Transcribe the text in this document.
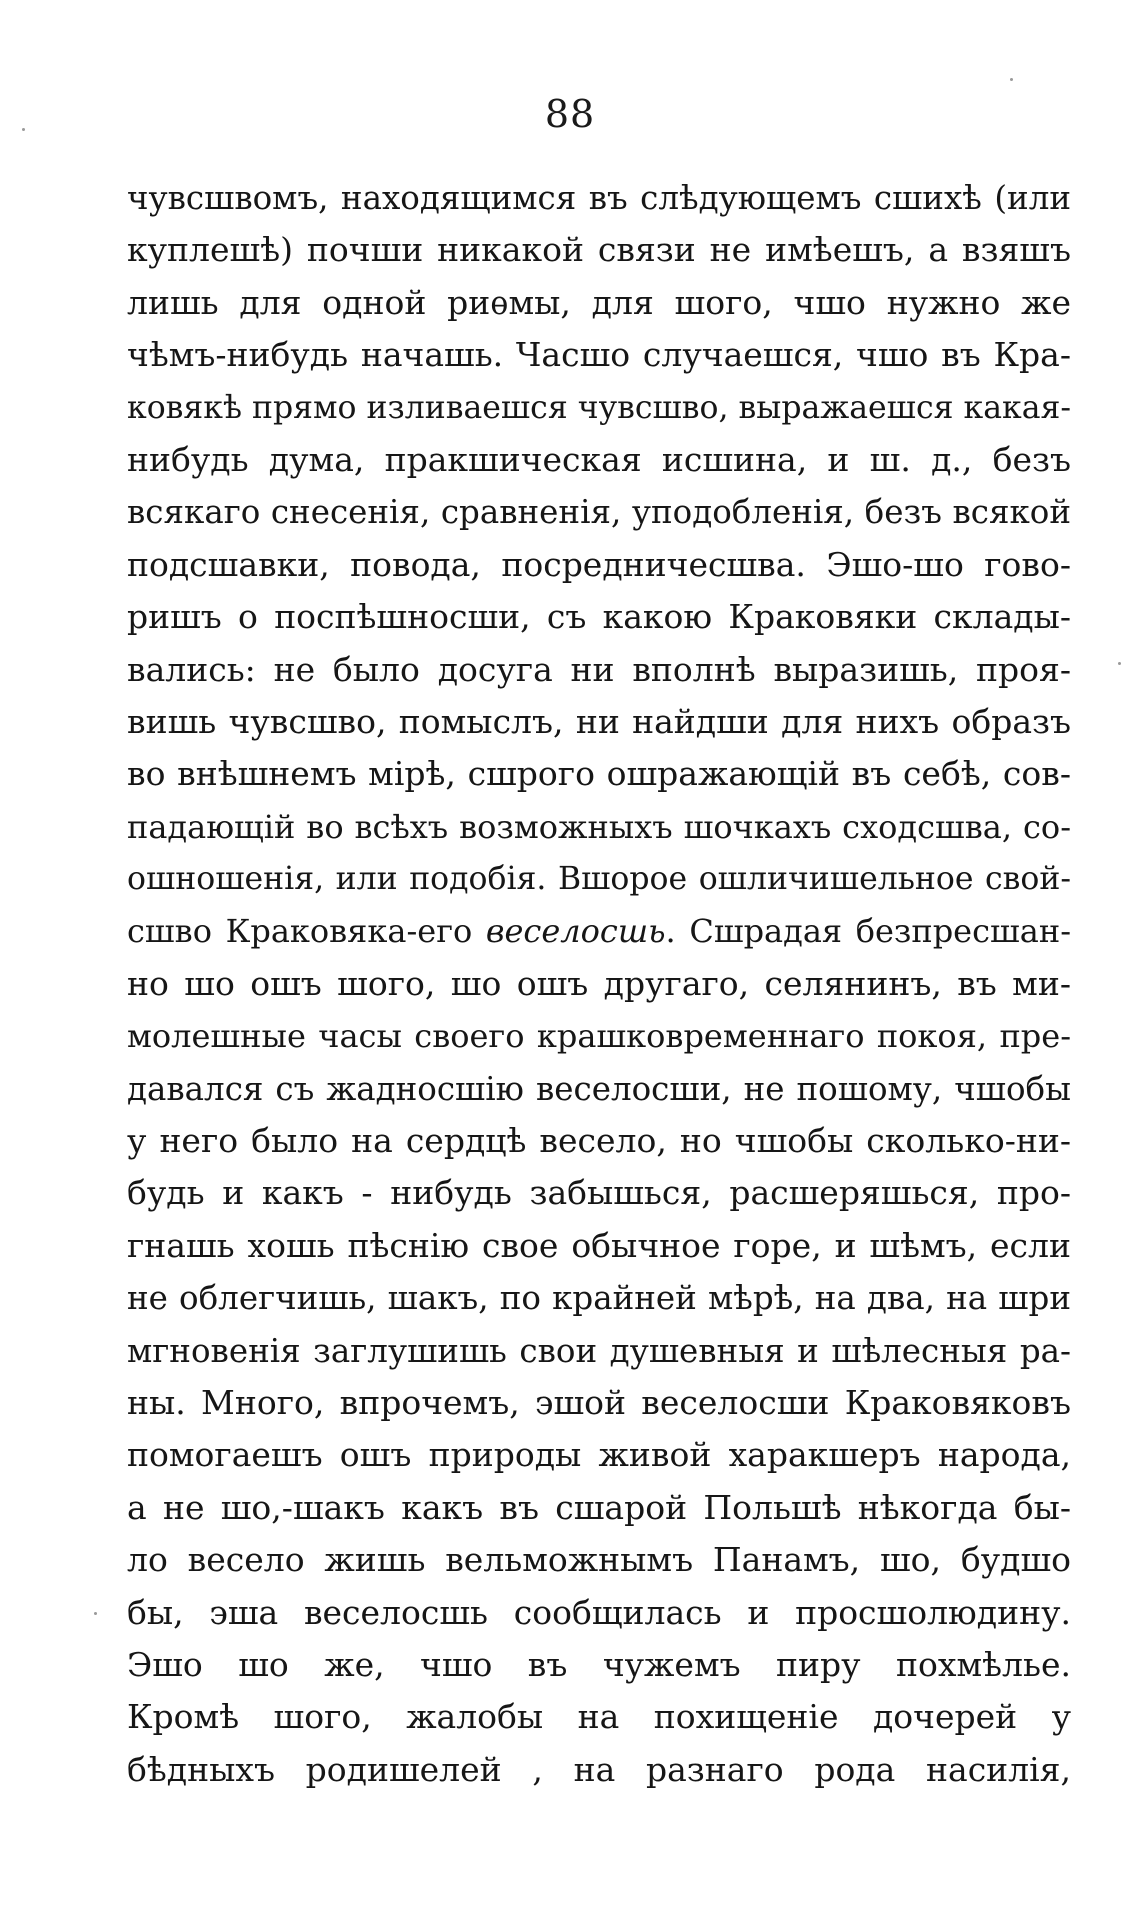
88
чувсшвомъ, находящимся въ слѣдующемъ сшихѣ (или
куплешѣ) почши никакой связи не имѣешъ, а взяшъ
лишь для одной риѳмы, для шого, чшо нужно же
чѣмъ-нибудь начашь. Часшо случаешся, чшо въ Кра-
ковякѣ прямо изливаешся чувсшво, выражаешся какая-
нибудь дума, пракшическая исшина, и ш. д., безъ
всякаго снесенія, сравненія, уподобленія, безъ всякой
подсшавки, повода, посредничесшва. Эшо-шо гово-
ришъ о поспѣшносши, съ какою Краковяки склады-
вались: не было досуга ни вполнѣ выразишь, проя-
вишь чувсшво, помыслъ, ни найдши для нихъ образъ
во внѣшнемъ мірѣ, сшрого ошражающій въ себѣ, сов-
падающій во всѣхъ возможныхъ шочкахъ сходсшва, со-
ошношенія, или подобія. Вшорое ошличишельное свой-
сшво Краковяка-его веселосшь. Сшрадая безпресшан-
но шо ошъ шого, шо ошъ другаго, селянинъ, въ ми-
молешные часы своего крашковременнаго покоя, пре-
давался съ жадносшію веселосши, не пошому, чшобы
у него было на сердцѣ весело, но чшобы сколько-ни-
будь и какъ - нибудь забышься, расшеряшься, про-
гнашь хошь пѣснію свое обычное горе, и шѣмъ, если
не облегчишь, шакъ, по крайней мѣрѣ, на два, на шри
мгновенія заглушишь свои душевныя и шѣлесныя ра-
ны. Много, впрочемъ, эшой веселосши Краковяковъ
помогаешъ ошъ природы живой харакшеръ народа,
а не шо,-шакъ какъ въ сшарой Польшѣ нѣкогда бы-
ло весело жишь вельможнымъ Панамъ, шо, будшо
бы, эша веселосшь сообщилась и просшолюдину.
Эшо шо же, чшо въ чужемъ пиру похмѣлье.
Кромѣ шого, жалобы на похищеніе дочерей у
бѣдныхъ родишелей , на разнаго рода насилія,
